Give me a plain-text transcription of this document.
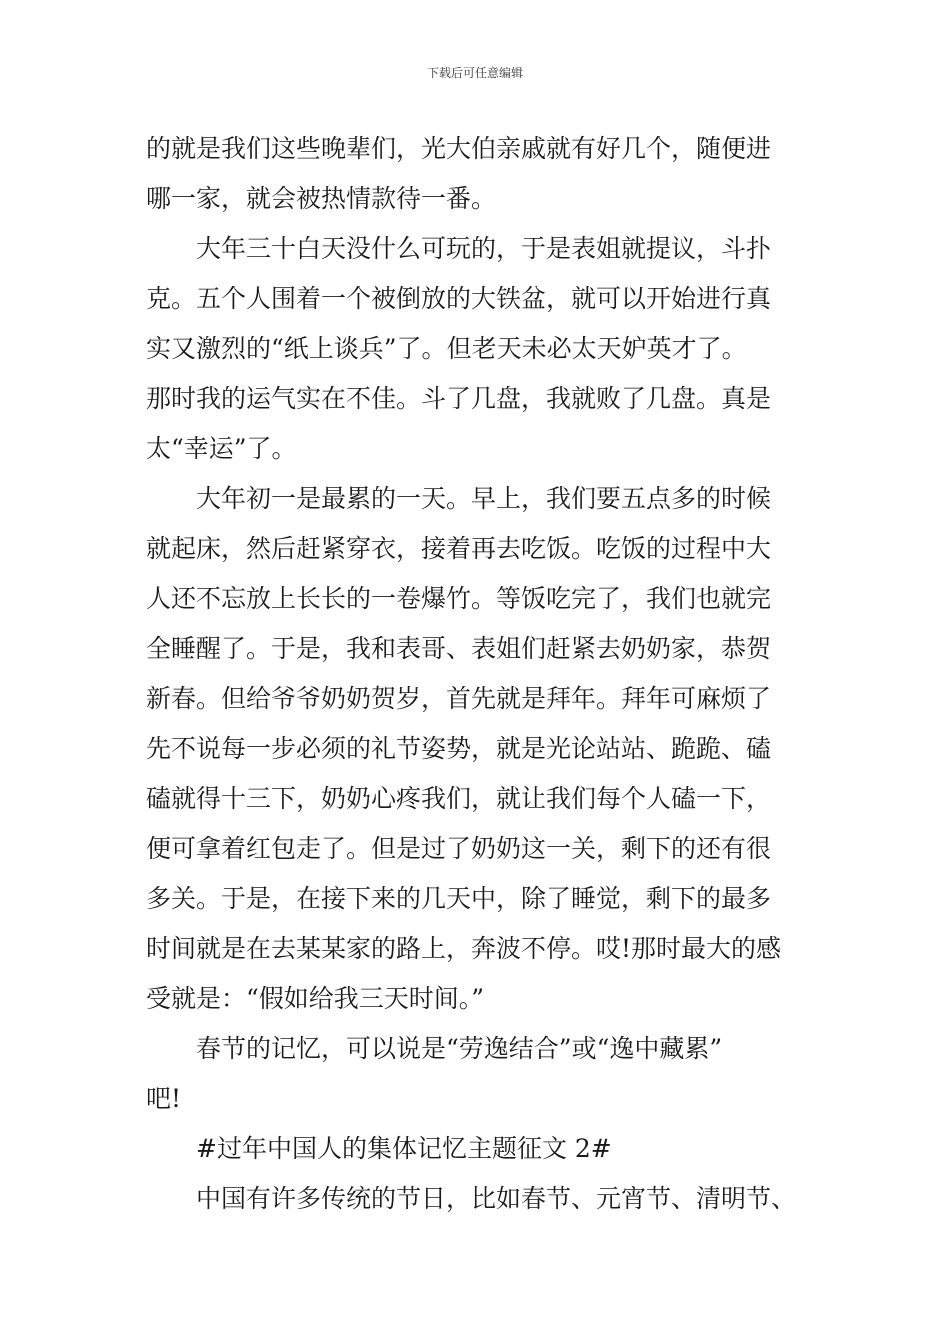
下载后可任意编辑
的就是我们这些晚辈们，光大伯亲戚就有好几个，随便进
哪一家，就会被热情款待一番。
大年三十白天没什么可玩的，于是表姐就提议，斗扑
克。五个人围着一个被倒放的大铁盆，就可以开始进行真
实又激烈的“纸上谈兵”了。但老天未必太天妒英才了。
那时我的运气实在不佳。斗了几盘，我就败了几盘。真是
太“幸运”了。
大年初一是最累的一天。早上，我们要五点多的时候
就起床，然后赶紧穿衣，接着再去吃饭。吃饭的过程中大
人还不忘放上长长的一卷爆竹。等饭吃完了，我们也就完
全睡醒了。于是，我和表哥、表姐们赶紧去奶奶家，恭贺
新春。但给爷爷奶奶贺岁，首先就是拜年。拜年可麻烦了
先不说每一步必须的礼节姿势，就是光论站站、跪跪、磕
磕就得十三下，奶奶心疼我们，就让我们每个人磕一下，
便可拿着红包走了。但是过了奶奶这一关，剩下的还有很
多关。于是，在接下来的几天中，除了睡觉，剩下的最多
时间就是在去某某家的路上，奔波不停。哎!那时最大的感
受就是：“假如给我三天时间。”
春节的记忆，可以说是“劳逸结合”或“逸中藏累”
吧!
#过年中国人的集体记忆主题征文 2#
中国有许多传统的节日，比如春节、元宵节、清明节、
